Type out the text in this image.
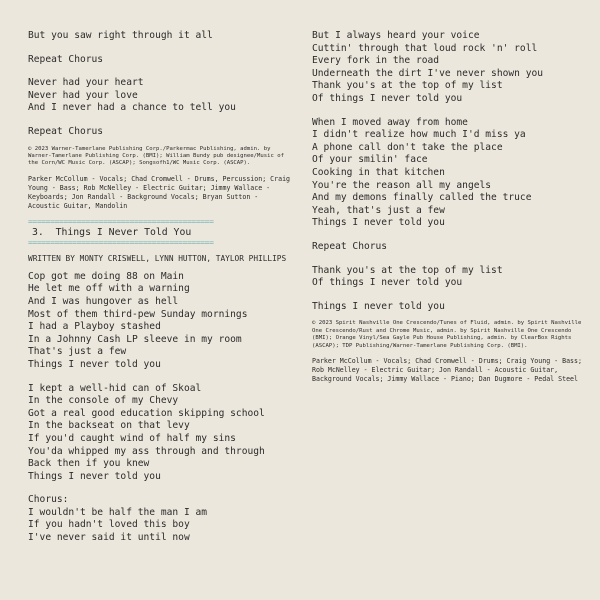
But you saw right through it all
Repeat Chorus
Never had your heart
Never had your love
And I never had a chance to tell you
Repeat Chorus
© 2023 Warner-Tamerlane Publishing Corp./Parkermac Publishing, admin. by Warner-Tamerlane Publishing Corp. (BMI); William Bundy pub designee/Music of the Corn/WC Music Corp. (ASCAP); Songsofh1/WC Music Corp. (ASCAP).
Parker McCollum - Vocals; Chad Cromwell - Drums, Percussion; Craig Young - Bass; Rob McNelley - Electric Guitar; Jimmy Wallace - Keyboards; Jon Randall - Background Vocals; Bryan Sutton - Acoustic Guitar, Mandolin
==========================================
3. Things I Never Told You
==========================================
WRITTEN BY MONTY CRISWELL, LYNN HUTTON, TAYLOR PHILLIPS
Cop got me doing 88 on Main
He let me off with a warning
And I was hungover as hell
Most of them third-pew Sunday mornings
I had a Playboy stashed
In a Johnny Cash LP sleeve in my room
That's just a few
Things I never told you
I kept a well-hid can of Skoal
In the console of my Chevy
Got a real good education skipping school
In the backseat on that levy
If you'd caught wind of half my sins
You'da whipped my ass through and through
Back then if you knew
Things I never told you
Chorus:
I wouldn't be half the man I am
If you hadn't loved this boy
I've never said it until now
But I always heard your voice
Cuttin' through that loud rock 'n' roll
Every fork in the road
Underneath the dirt I've never shown you
Thank you's at the top of my list
Of things I never told you
When I moved away from home
I didn't realize how much I'd miss ya
A phone call don't take the place
Of your smilin' face
Cooking in that kitchen
You're the reason all my angels
And my demons finally called the truce
Yeah, that's just a few
Things I never told you
Repeat Chorus
Thank you's at the top of my list
Of things I never told you
Things I never told you
© 2023 Spirit Nashville One Crescendo/Tunes of Fluid, admin. by Spirit Nashville One Crescendo/Rust and Chrome Music, admin. by Spirit Nashville One Crescendo (BMI); Orange Vinyl/Sea Gayle Pub House Publishing, admin. by ClearBox Rights (ASCAP); TDP Publishing/Warner-Tamerlane Publishing Corp. (BMI).
Parker McCollum - Vocals; Chad Cromwell - Drums; Craig Young - Bass; Rob McNelley - Electric Guitar; Jon Randall - Acoustic Guitar, Background Vocals; Jimmy Wallace - Piano; Dan Dugmore - Pedal Steel
